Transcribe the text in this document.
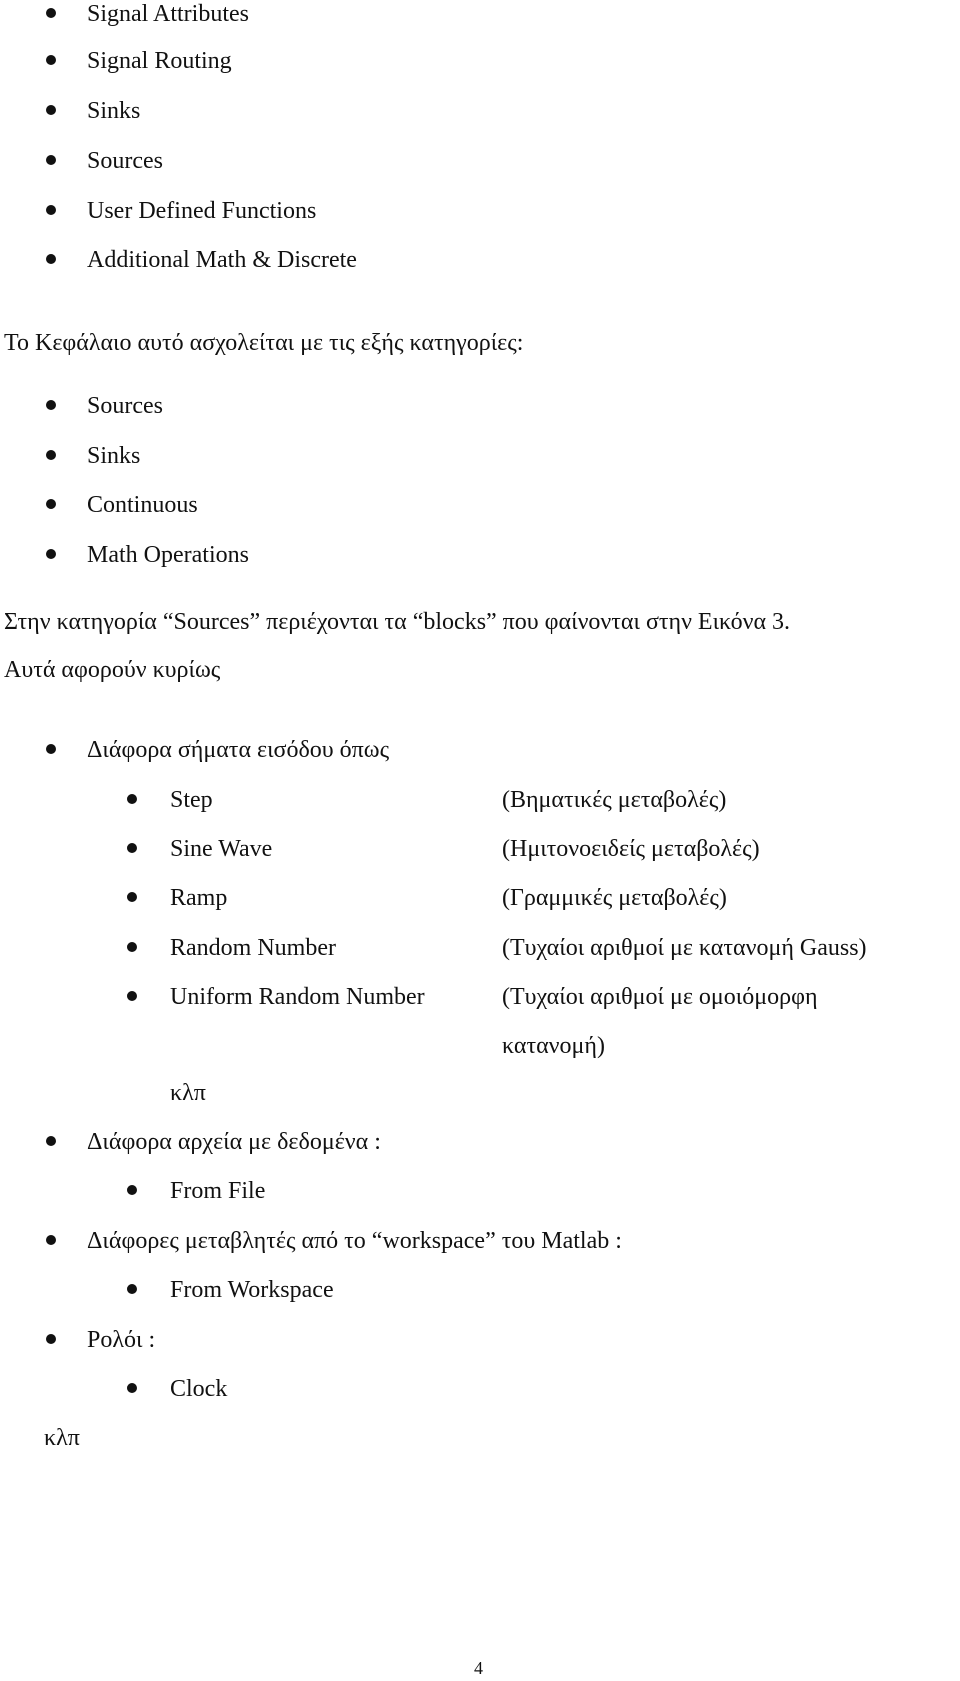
Signal Attributes
Signal Routing
Sinks
Sources
User Defined Functions
Additional Math & Discrete
Το Κεφάλαιο αυτό ασχολείται με τις εξής κατηγορίες:
Sources
Sinks
Continuous
Math Operations
Στην κατηγορία “Sources” περιέχονται τα “blocks” που φαίνονται στην Εικόνα 3.
Αυτά αφορούν κυρίως
Διάφορα σήματα εισόδου όπως
Step	(Βηματικές μεταβολές)
Sine Wave	(Ημιτονοειδείς μεταβολές)
Ramp	(Γραμμικές μεταβολές)
Random Number	(Τυχαίοι αριθμοί με κατανομή Gauss)
Uniform Random Number	(Τυχαίοι αριθμοί με ομοιόμορφη
κατανομή)
κλπ
Διάφορα αρχεία με δεδομένα :
From File
Διάφορες μεταβλητές από το “workspace” του Matlab :
From Workspace
Ρολόι :
Clock
κλπ
4
